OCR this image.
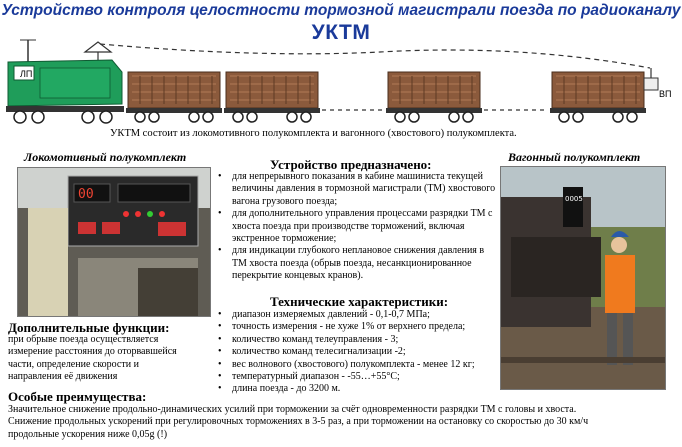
Устройство контроля целостности тормозной магистрали поезда по радиоканалу
УКТМ
ЛП
ВП
УКТМ состоит из локомотивного полукомплекта и вагонного (хвостового) полукомплекта.
Локомотивный полукомплект
00
Дополнительные функции:
при обрыве поезда осуществляется измерение расстояния до оторвавшейся части, определение скорости и направления её движения
Устройство предназначено:
• для непрерывного показания в кабине машиниста текущей величины давления в тормозной магистрали (ТМ) хвостового вагона грузового поезда;
• для дополнительного управления процессами разрядки ТМ с хвоста поезда при производстве торможений, включая экстренное торможение;
• для индикации глубокого неплановое снижения давления в ТМ хвоста поезда (обрыв поезда, несанкционированное перекрытие концевых кранов).
Технические характеристики:
• диапазон измеряемых давлений - 0,1-0,7 МПа;
• точность измерения - не хуже 1% от верхнего предела;
• количество команд телеуправления - 3;
• количество команд телесигнализации -2;
• вес волнового (хвостового) полукомплекта - менее 12 кг;
• температурный диапазон - -55…+55°С;
• длина поезда - до 3200 м.
Вагонный полукомплект
0005
Особые преимущества:
Значительное снижение продольно-динамических усилий при торможении за счёт одновременности разрядки ТМ с головы и хвоста.
Снижение продольных ускорений при регулировочных торможениях в 3-5 раз, а при торможении на остановку со скоростью до 30 км/ч
продольные ускорения ниже 0,05g (!)
